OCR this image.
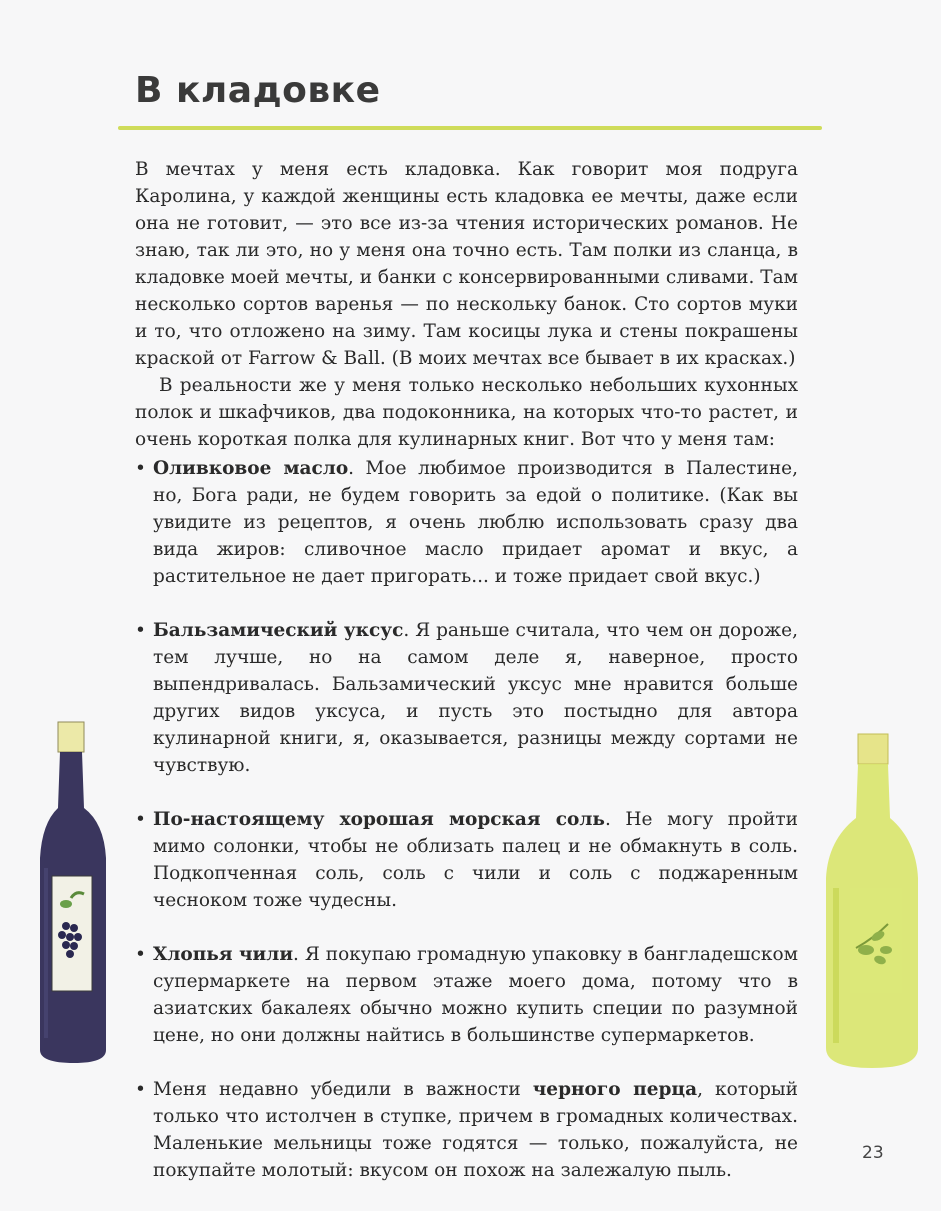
В кладовке

В мечтах у меня есть кладовка. Как говорит моя подруга Каролина, у каждой женщины есть кладовка ее мечты, даже если она не готовит, — это все из-за чтения исторических романов. Не знаю, так ли это, но у меня она точно есть. Там полки из сланца, в кладовке моей мечты, и банки с консервированными сливами. Там несколько сортов варенья — по нескольку банок. Сто сортов муки и то, что отложено на зиму. Там косицы лука и стены покрашены краской от Farrow & Ball. (В моих мечтах все бывает в их красках.)

В реальности же у меня только несколько небольших кухонных полок и шкафчиков, два подоконника, на которых что-то растет, и очень короткая полка для кулинарных книг. Вот что у меня там:

• Оливковое масло. Мое любимое производится в Палестине, но, Бога ради, не будем говорить за едой о политике. (Как вы увидите из рецептов, я очень люблю использовать сразу два вида жиров: сливочное масло придает аромат и вкус, а растительное не дает пригорать... и тоже придает свой вкус.)
• Бальзамический уксус. Я раньше считала, что чем он дороже, тем лучше, но на самом деле я, наверное, просто выпендривалась. Бальзамический уксус мне нравится больше других видов уксуса, и пусть это постыдно для автора кулинарной книги, я, оказывается, разницы между сортами не чувствую.
• По-настоящему хорошая морская соль. Не могу пройти мимо солонки, чтобы не облизать палец и не обмакнуть в соль. Подкопченная соль, соль с чили и соль с поджаренным чесноком тоже чудесны.
• Хлопья чили. Я покупаю громадную упаковку в бангладешском супермаркете на первом этаже моего дома, потому что в азиатских бакалеях обычно можно купить специи по разумной цене, но они должны найтись в большинстве супермаркетов.
• Меня недавно убедили в важности черного перца, который только что истолчен в ступке, причем в громадных количествах. Маленькие мельницы тоже годятся — только, пожалуйста, не покупайте молотый: вкусом он похож на залежалую пыль.
23
